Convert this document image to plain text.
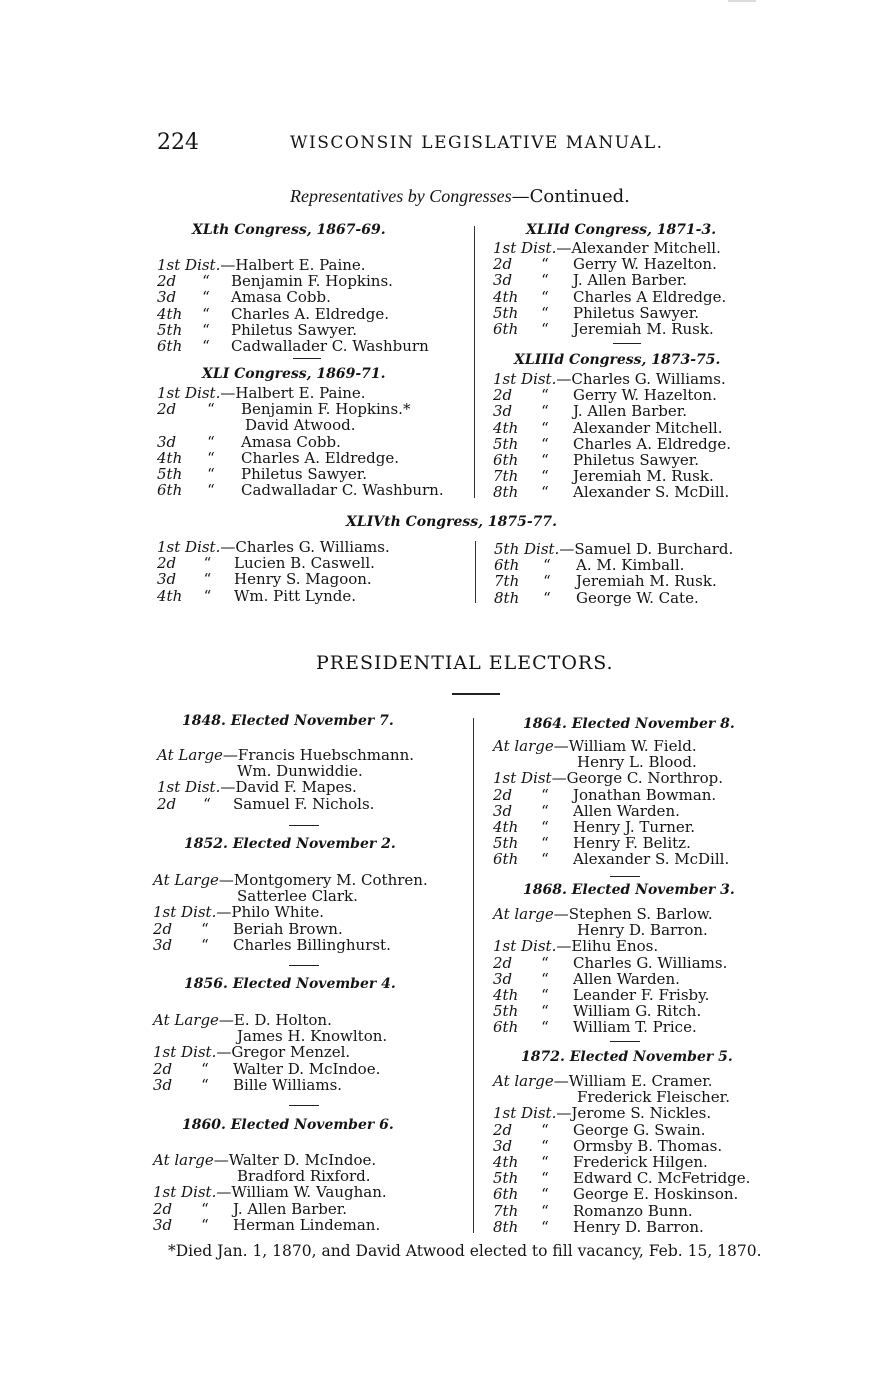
224	WISCONSIN LEGISLATIVE MANUAL.
Representatives by Congresses—Continued.
XLth Congress, 1867-69.
1st Dist. —Halbert E. Paine.
2d	“	Benjamin F. Hopkins.
3d	“	Amasa Cobb.
4th	“	Charles A. Eldredge.
5th	“	Philetus Sawyer.
6th	“	Cadwallader C. Washburn
XLI Congress, 1869-71.
1st Dist. —Halbert E. Paine.
2d	“	Benjamin F. Hopkins.*
David Atwood.
3d	“	Amasa Cobb.
4th	“	Charles A. Eldredge.
5th	“	Philetus Sawyer.
6th	“	Cadwalladar C. Washburn.
XLIId Congress, 1871-3.
1st Dist. —Alexander Mitchell.
2d	“	Gerry W. Hazelton.
3d	“	J. Allen Barber.
4th	“	Charles A Eldredge.
5th	“	Philetus Sawyer.
6th	“	Jeremiah M. Rusk.
XLIIId Congress, 1873-75.
1st Dist. —Charles G. Williams.
2d	“	Gerry W. Hazelton.
3d	“	J. Allen Barber.
4th	“	Alexander Mitchell.
5th	“	Charles A. Eldredge.
6th	“	Philetus Sawyer.
7th	“	Jeremiah M. Rusk.
8th	“	Alexander S. McDill.
XLIVth Congress, 1875-77.
1st Dist. —Charles G. Williams.
2d	“	Lucien B. Caswell.
3d	“	Henry S. Magoon.
4th	“	Wm. Pitt Lynde.
5th Dist. —Samuel D. Burchard.
6th	“	A. M. Kimball.
7th	“	Jeremiah M. Rusk.
8th	“	George W. Cate.
PRESIDENTIAL ELECTORS.
1848. Elected November 7.
At Large —Francis Huebschmann.
Wm. Dunwiddie.
1st Dist. —David F. Mapes.
2d	“	Samuel F. Nichols.
1852. Elected November 2.
At Large —Montgomery M. Cothren.
Satterlee Clark.
1st Dist. —Philo White.
2d	“	Beriah Brown.
3d	“	Charles Billinghurst.
1856. Elected November 4.
At Large —E. D. Holton.
James H. Knowlton.
1st Dist. —Gregor Menzel.
2d	“	Walter D. McIndoe.
3d	“	Bille Williams.
1860. Elected November 6.
At large —Walter D. McIndoe.
Bradford Rixford.
1st Dist. —William W. Vaughan.
2d	“	J. Allen Barber.
3d	“	Herman Lindeman.
1864. Elected November 8.
At large —William W. Field.
Henry L. Blood.
1st Dist —George C. Northrop.
2d	“	Jonathan Bowman.
3d	“	Allen Warden.
4th	“	Henry J. Turner.
5th	“	Henry F. Belitz.
6th	“	Alexander S. McDill.
1868. Elected November 3.
At large —Stephen S. Barlow.
Henry D. Barron.
1st Dist. —Elihu Enos.
2d	“	Charles G. Williams.
3d	“	Allen Warden.
4th	“	Leander F. Frisby.
5th	“	William G. Ritch.
6th	“	William T. Price.
1872. Elected November 5.
At large —William E. Cramer.
Frederick Fleischer.
1st Dist. —Jerome S. Nickles.
2d	“	George G. Swain.
3d	“	Ormsby B. Thomas.
4th	“	Frederick Hilgen.
5th	“	Edward C. McFetridge.
6th	“	George E. Hoskinson.
7th	“	Romanzo Bunn.
8th	“	Henry D. Barron.
*Died Jan. 1, 1870, and David Atwood elected to fill vacancy, Feb. 15, 1870.
